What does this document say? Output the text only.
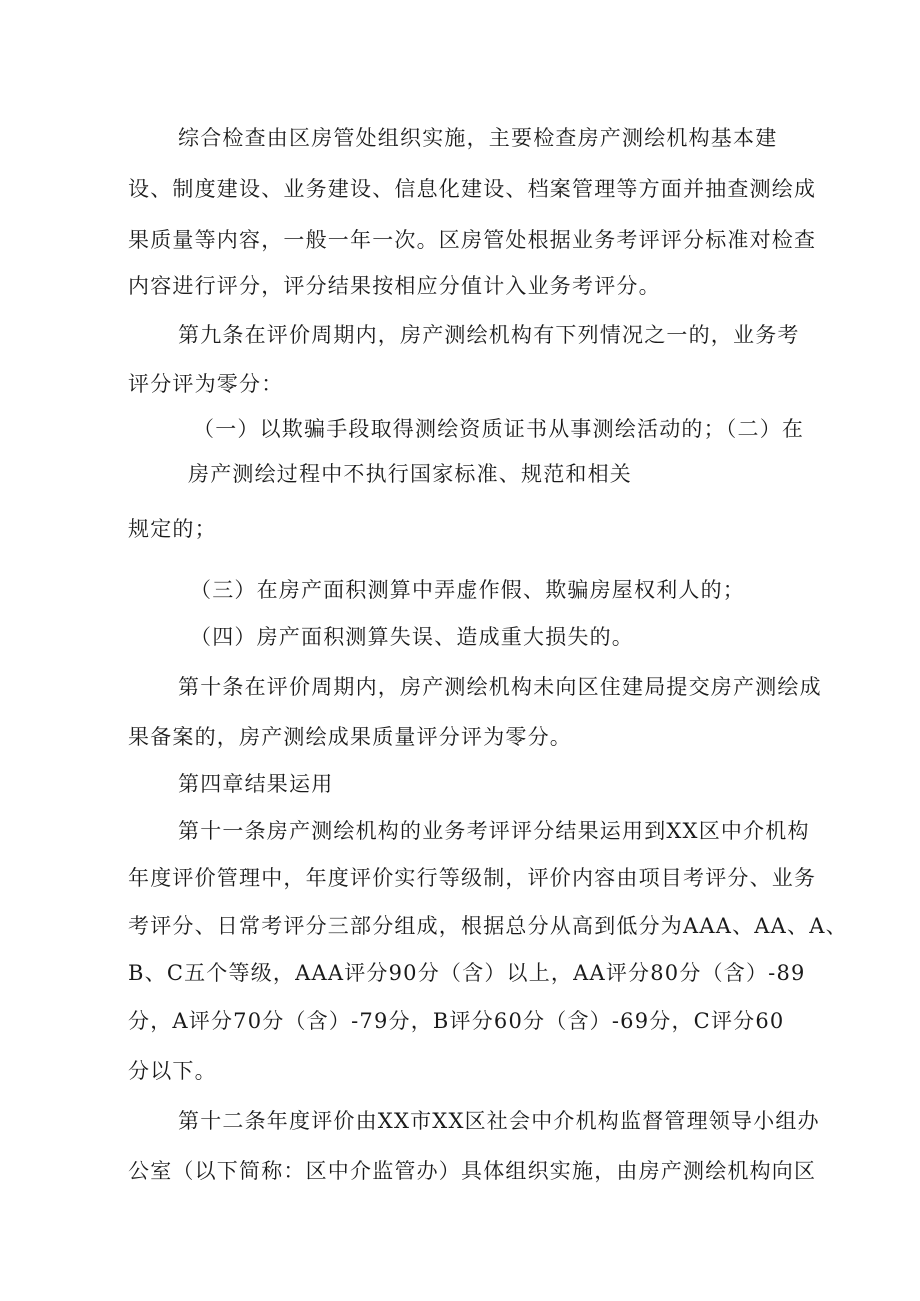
综合检查由区房管处组织实施，主要检查房产测绘机构基本建

设、制度建设、业务建设、信息化建设、档案管理等方面并抽查测绘成

果质量等内容，一般一年一次。区房管处根据业务考评评分标准对检查

内容进行评分，评分结果按相应分值计入业务考评分。

第九条在评价周期内，房产测绘机构有下列情况之一的，业务考

评分评为零分：

（一）以欺骗手段取得测绘资质证书从事测绘活动的；（二）在

房产测绘过程中不执行国家标准、规范和相关

规定的；

（三）在房产面积测算中弄虚作假、欺骗房屋权利人的；

（四）房产面积测算失误、造成重大损失的。

第十条在评价周期内，房产测绘机构未向区住建局提交房产测绘成

果备案的，房产测绘成果质量评分评为零分。

第四章结果运用

第十一条房产测绘机构的业务考评评分结果运用到XX区中介机构

年度评价管理中，年度评价实行等级制，评价内容由项目考评分、业务

考评分、日常考评分三部分组成，根据总分从高到低分为AAA、AA、A、

B、C五个等级，AAA评分90分（含）以上，AA评分80分（含）-89

分，A评分70分（含）-79分，B评分60分（含）-69分，C评分60

分以下。

第十二条年度评价由XX市XX区社会中介机构监督管理领导小组办

公室（以下简称：区中介监管办）具体组织实施，由房产测绘机构向区
